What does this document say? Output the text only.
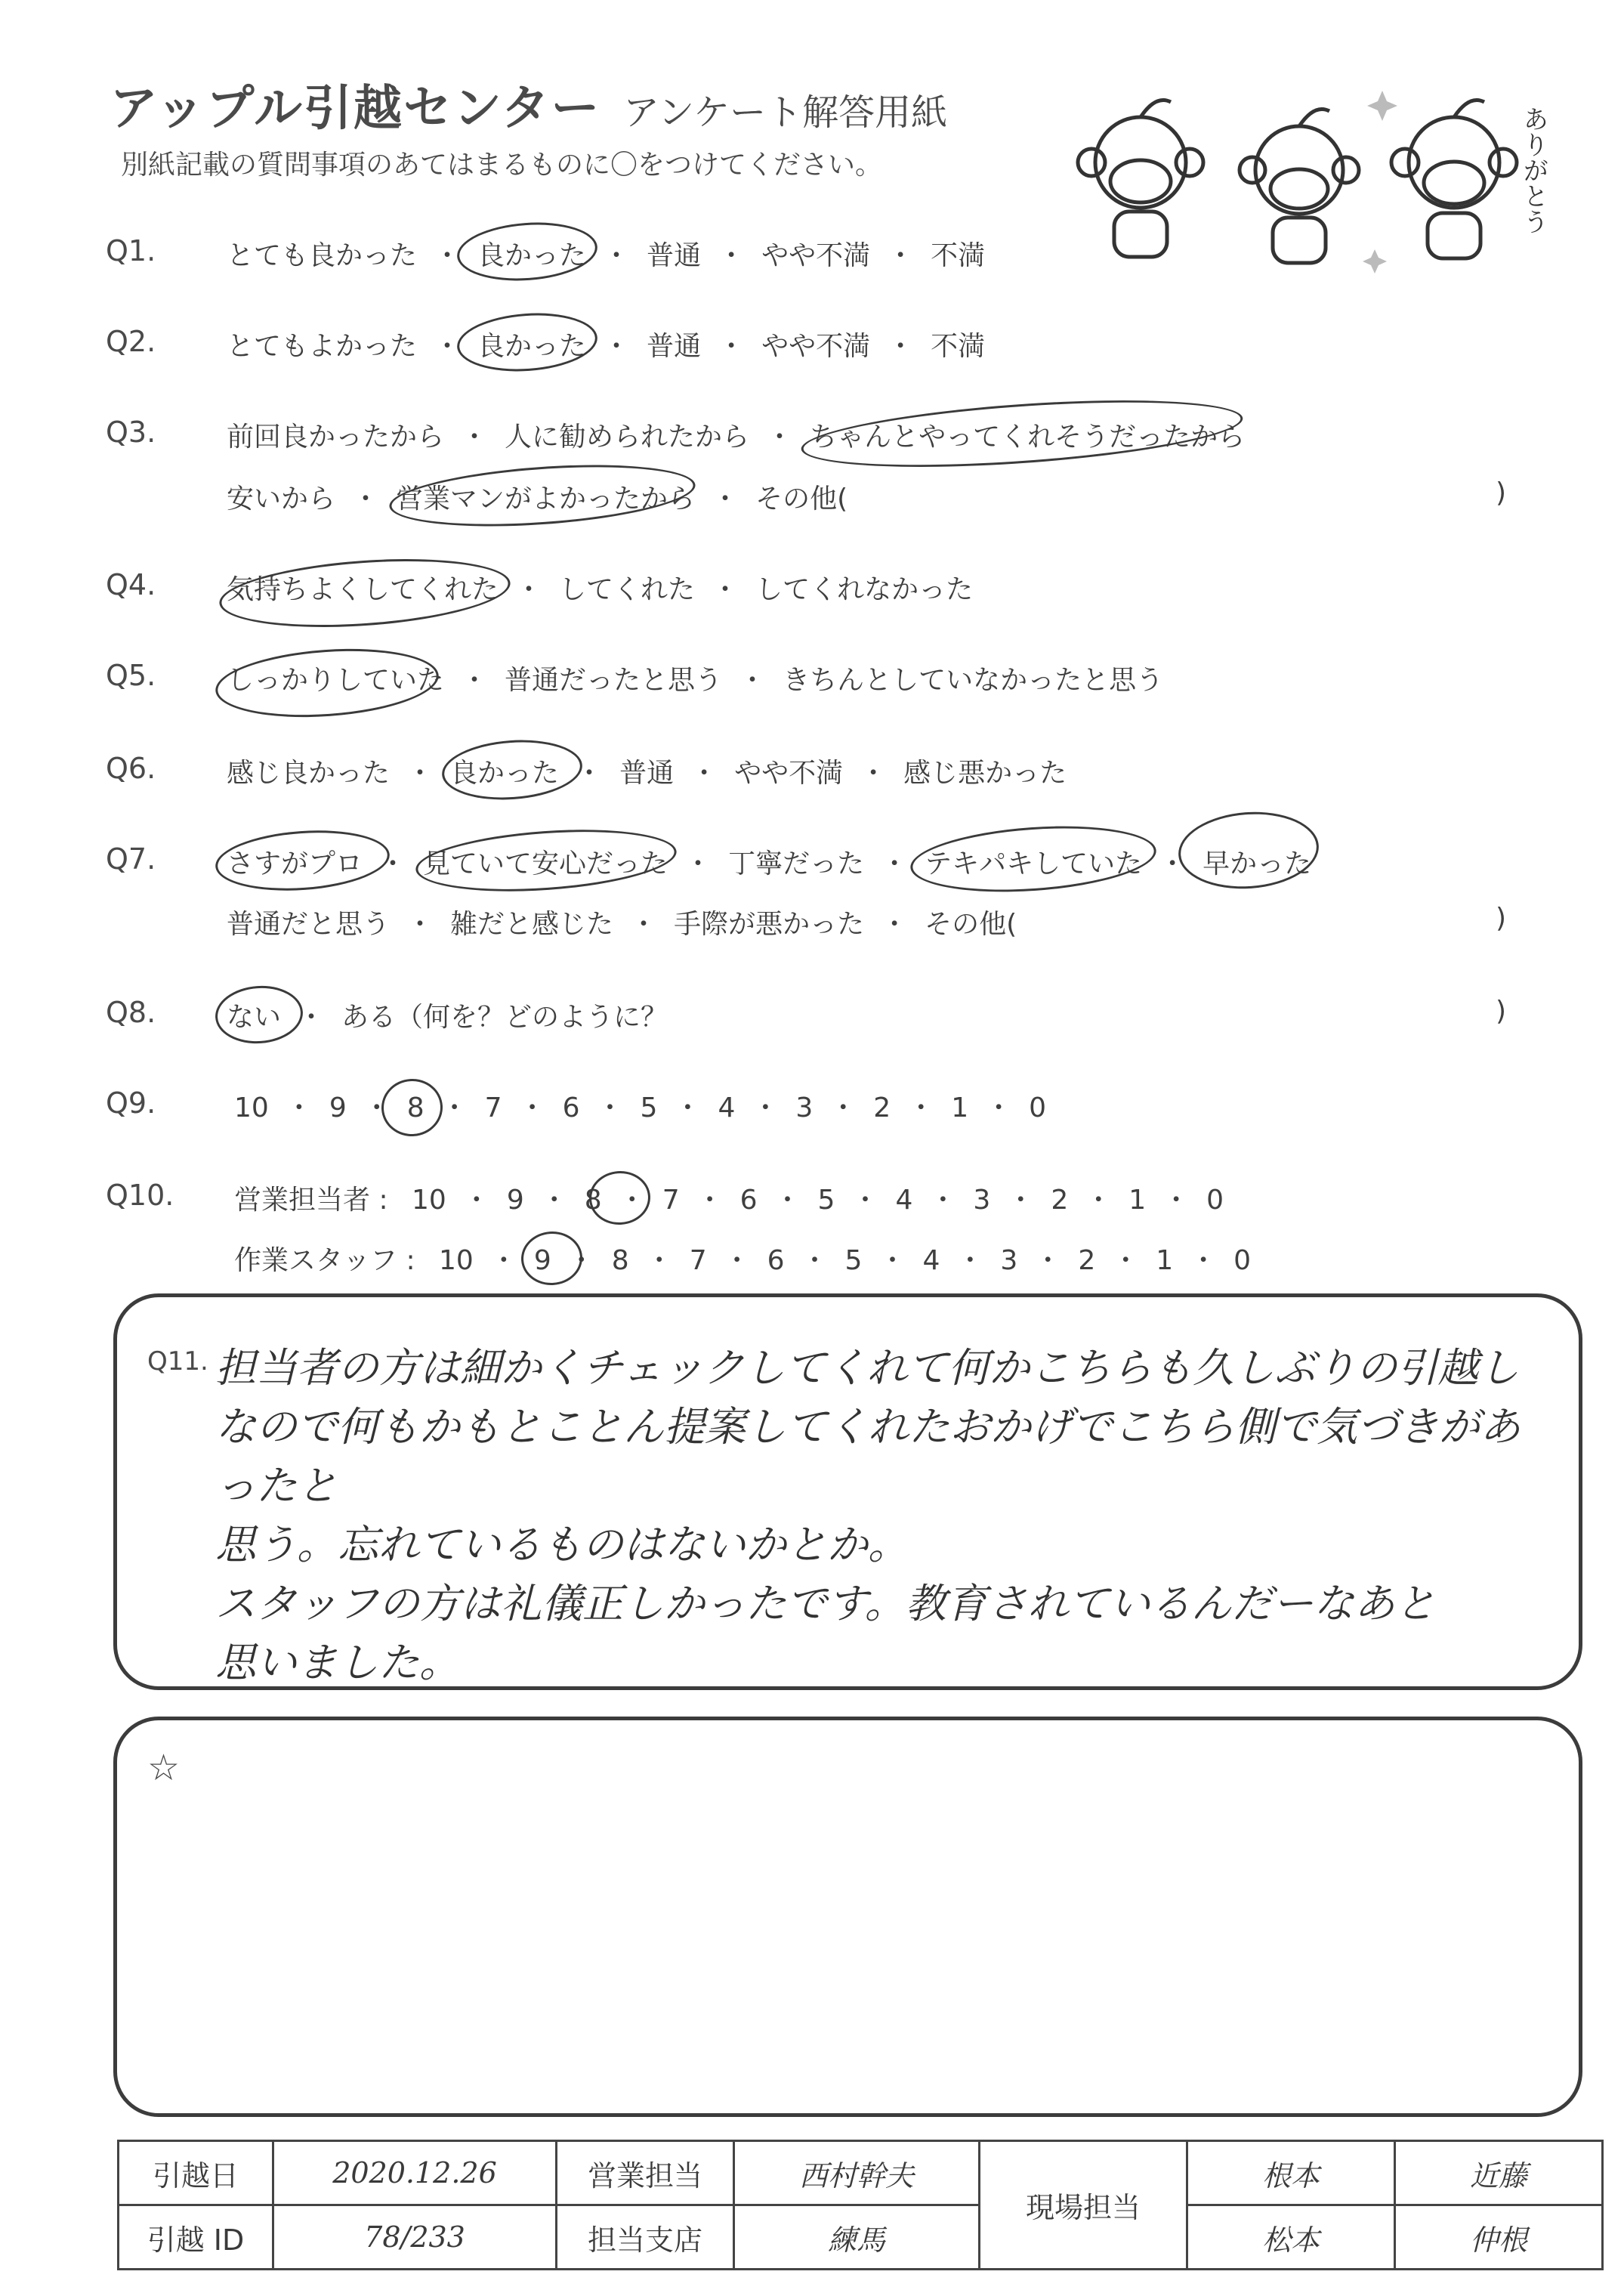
アップル引越センター アンケート解答用紙
別紙記載の質問事項のあてはまるものに〇をつけてください。	ありがとう
Q1.	とても良かった ・ 良かった ・ 普通 ・ やや不満 ・ 不満
Q2.	とてもよかった ・ 良かった ・ 普通 ・ やや不満 ・ 不満
Q3.	前回良かったから ・ 人に勧められたから ・ ちゃんとやってくれそうだったから
安いから ・ 営業マンがよかったから ・ その他(	)
Q4.	気持ちよくしてくれた ・ してくれた ・ してくれなかった
Q5.	しっかりしていた ・ 普通だったと思う ・ きちんとしていなかったと思う
Q6.	感じ良かった ・ 良かった ・ 普通 ・ やや不満 ・ 感じ悪かった
Q7.	さすがプロ ・ 見ていて安心だった ・ 丁寧だった ・ テキパキしていた ・ 早かった
普通だと思う ・ 雑だと感じた ・ 手際が悪かった ・ その他(	)
Q8.	ない ・ ある（何を？どのように？	)
Q9.	10 ・ 9 ・ 8 ・ 7 ・ 6 ・ 5 ・ 4 ・ 3 ・ 2 ・ 1 ・ 0
Q10. 営業担当者 : 10 ・ 9 ・ 8 ・ 7 ・ 6 ・ 5 ・ 4 ・ 3 ・ 2 ・ 1 ・ 0
作業スタッフ : 10 ・ 9 ・ 8 ・ 7 ・ 6 ・ 5 ・ 4 ・ 3 ・ 2 ・ 1 ・ 0
Q11. 担当者の方は細かくチェックしてくれて何かこちらも久しぶりの引越し
なので何もかもとことん提案してくれたおかげでこちら側で気づきがあったと
思う。忘れているものはないかとか。
スタッフの方は礼儀正しかったです。教育されているんだーなあと
思いました。
☆
引越日	2020.12.26	営業担当	西村幹夫	現場担当	根本	近藤
引越 ID	78/233	担当支店	練馬		松本	仲根
